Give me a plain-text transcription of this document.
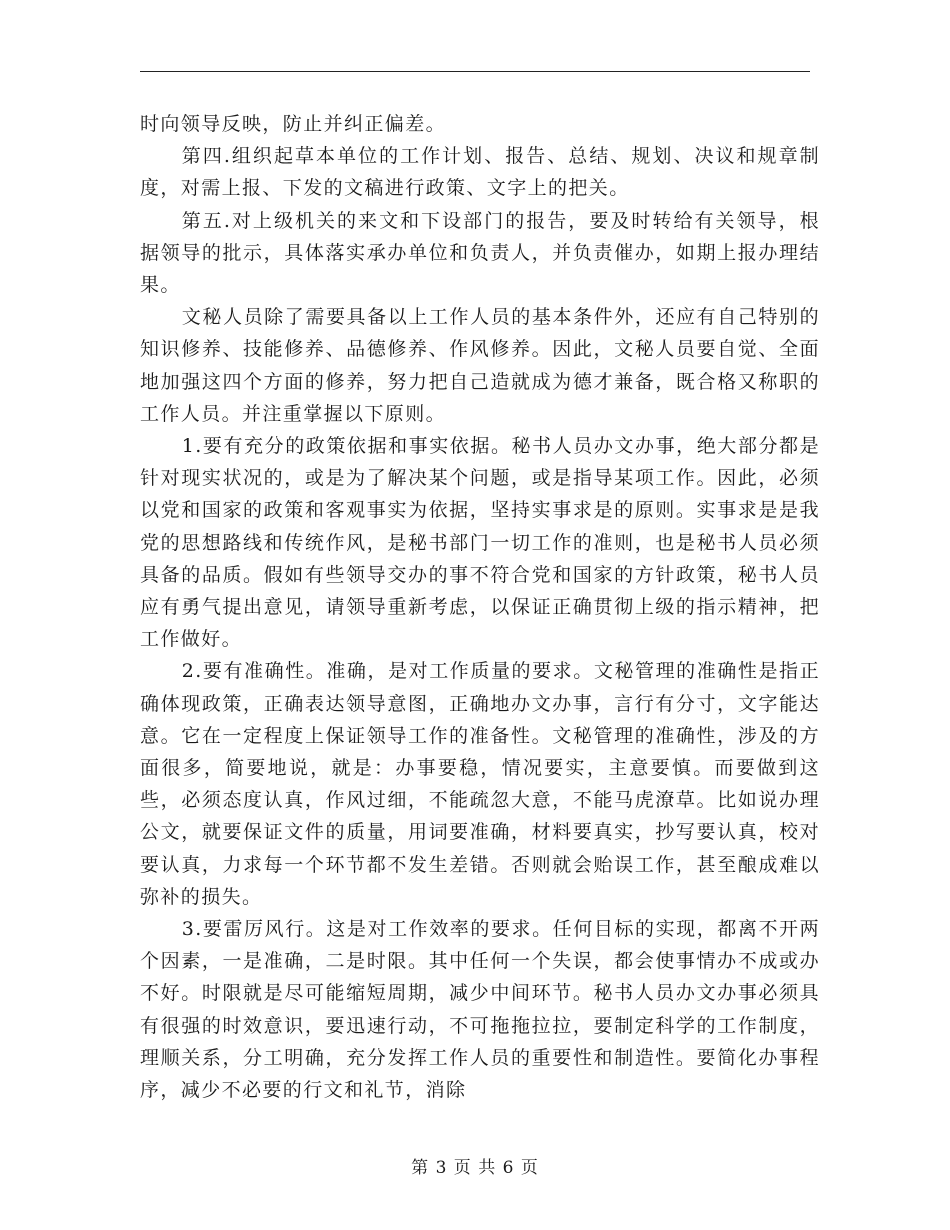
时向领导反映，防止并纠正偏差。

第四.组织起草本单位的工作计划、报告、总结、规划、决议和规章制度，对需上报、下发的文稿进行政策、文字上的把关。

第五.对上级机关的来文和下设部门的报告，要及时转给有关领导，根据领导的批示，具体落实承办单位和负责人，并负责催办，如期上报办理结果。

文秘人员除了需要具备以上工作人员的基本条件外，还应有自己特别的知识修养、技能修养、品德修养、作风修养。因此，文秘人员要自觉、全面地加强这四个方面的修养，努力把自己造就成为德才兼备，既合格又称职的工作人员。并注重掌握以下原则。

1.要有充分的政策依据和事实依据。秘书人员办文办事，绝大部分都是针对现实状况的，或是为了解决某个问题，或是指导某项工作。因此，必须以党和国家的政策和客观事实为依据，坚持实事求是的原则。实事求是是我党的思想路线和传统作风，是秘书部门一切工作的准则，也是秘书人员必须具备的品质。假如有些领导交办的事不符合党和国家的方针政策，秘书人员应有勇气提出意见，请领导重新考虑，以保证正确贯彻上级的指示精神，把工作做好。

2.要有准确性。准确，是对工作质量的要求。文秘管理的准确性是指正确体现政策，正确表达领导意图，正确地办文办事，言行有分寸，文字能达意。它在一定程度上保证领导工作的准备性。文秘管理的准确性，涉及的方面很多，简要地说，就是：办事要稳，情况要实，主意要慎。而要做到这些，必须态度认真，作风过细，不能疏忽大意，不能马虎潦草。比如说办理公文，就要保证文件的质量，用词要准确，材料要真实，抄写要认真，校对要认真，力求每一个环节都不发生差错。否则就会贻误工作，甚至酿成难以弥补的损失。

3.要雷厉风行。这是对工作效率的要求。任何目标的实现，都离不开两个因素，一是准确，二是时限。其中任何一个失误，都会使事情办不成或办不好。时限就是尽可能缩短周期，减少中间环节。秘书人员办文办事必须具有很强的时效意识，要迅速行动，不可拖拖拉拉，要制定科学的工作制度，理顺关系，分工明确，充分发挥工作人员的重要性和制造性。要简化办事程序，减少不必要的行文和礼节，消除

第 3 页 共 6 页
